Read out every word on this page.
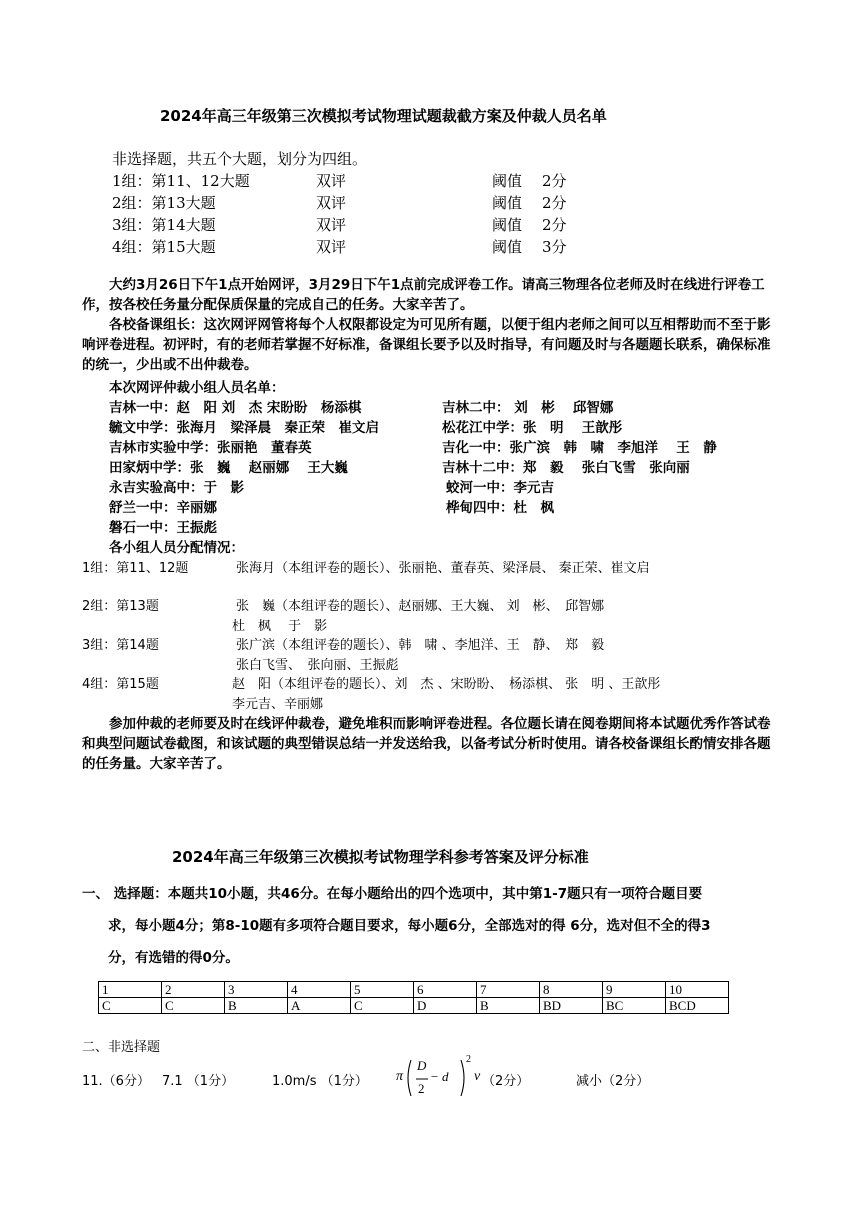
2024年高三年级第三次模拟考试物理试题裁截方案及仲裁人员名单
非选择题，共五个大题，划分为四组。
1组：第11、12大题	双评	阈值 2分
2组：第13大题	双评	阈值 2分
3组：第14大题	双评	阈值 2分
4组：第15大题	双评	阈值 3分
大约3月26日下午1点开始网评，3月29日下午1点前完成评卷工作。请高三物理各位老师及时在线进行评卷工作，按各校任务量分配保质保量的完成自己的任务。大家辛苦了。
各校备课组长：这次网评网管将每个人权限都设定为可见所有题，以便于组内老师之间可以互相帮助而不至于影响评卷进程。初评时，有的老师若掌握不好标准，备课组长要予以及时指导，有问题及时与各题题长联系，确保标准的统一，少出或不出仲裁卷。
本次网评仲裁小组人员名单：
吉林一中：赵　阳 刘　杰 宋盼盼　杨添棋	吉林二中： 刘　彬　 邱智娜
毓文中学：张海月　梁泽晨　秦正荣　崔文启	松花江中学：张　明　 王歆彤
吉林市实验中学：张丽艳　董春英	吉化一中：张广滨　韩　啸　李旭洋　 王　静
田家炳中学：张　巍　 赵丽娜　 王大巍	吉林十二中：郑　毅　 张白飞雪　张向丽
永吉实验高中：于　影	蛟河一中：李元吉
舒兰一中：辛丽娜	桦甸四中：杜　枫
磐石一中：王振彪
各小组人员分配情况：
1组：第11、12题	张海月（本组评卷的题长）、张丽艳、董春英、梁泽晨、 秦正荣、崔文启
2组：第13题	张　巍（本组评卷的题长）、赵丽娜、王大巍、 刘　彬、　邱智娜
杜　枫　 于　影
3组：第14题	张广滨（本组评卷的题长）、韩　啸 、李旭洋、王　静、　郑　毅
张白飞雪、　张向丽、王振彪
4组：第15题	赵　阳（本组评卷的题长）、刘　杰 、宋盼盼、　杨添棋、 张　明 、王歆彤
李元吉、辛丽娜
参加仲裁的老师要及时在线评仲裁卷，避免堆积而影响评卷进程。各位题长请在阅卷期间将本试题优秀作答试卷和典型问题试卷截图，和该试题的典型错误总结一并发送给我，以备考试分析时使用。请各校备课组长酌情安排各题的任务量。大家辛苦了。
2024年高三年级第三次模拟考试物理学科参考答案及评分标准
一、 选择题：本题共10小题，共46分。在每小题给出的四个选项中，其中第1-7题只有一项符合题目要
求，每小题4分；第8-10题有多项符合题目要求，每小题6分，全部选对的得 6分，选对但不全的得3
分，有选错的得0分。
1	2	3	4	5	6	7	8	9	10
C	C	B	A	C	D	B	BD	BC	BCD
二、非选择题
11.（6分） 7.1 （1分）	1.0m/s （1分） π
D
2
− d
2
v （2分）	减小（2分）
